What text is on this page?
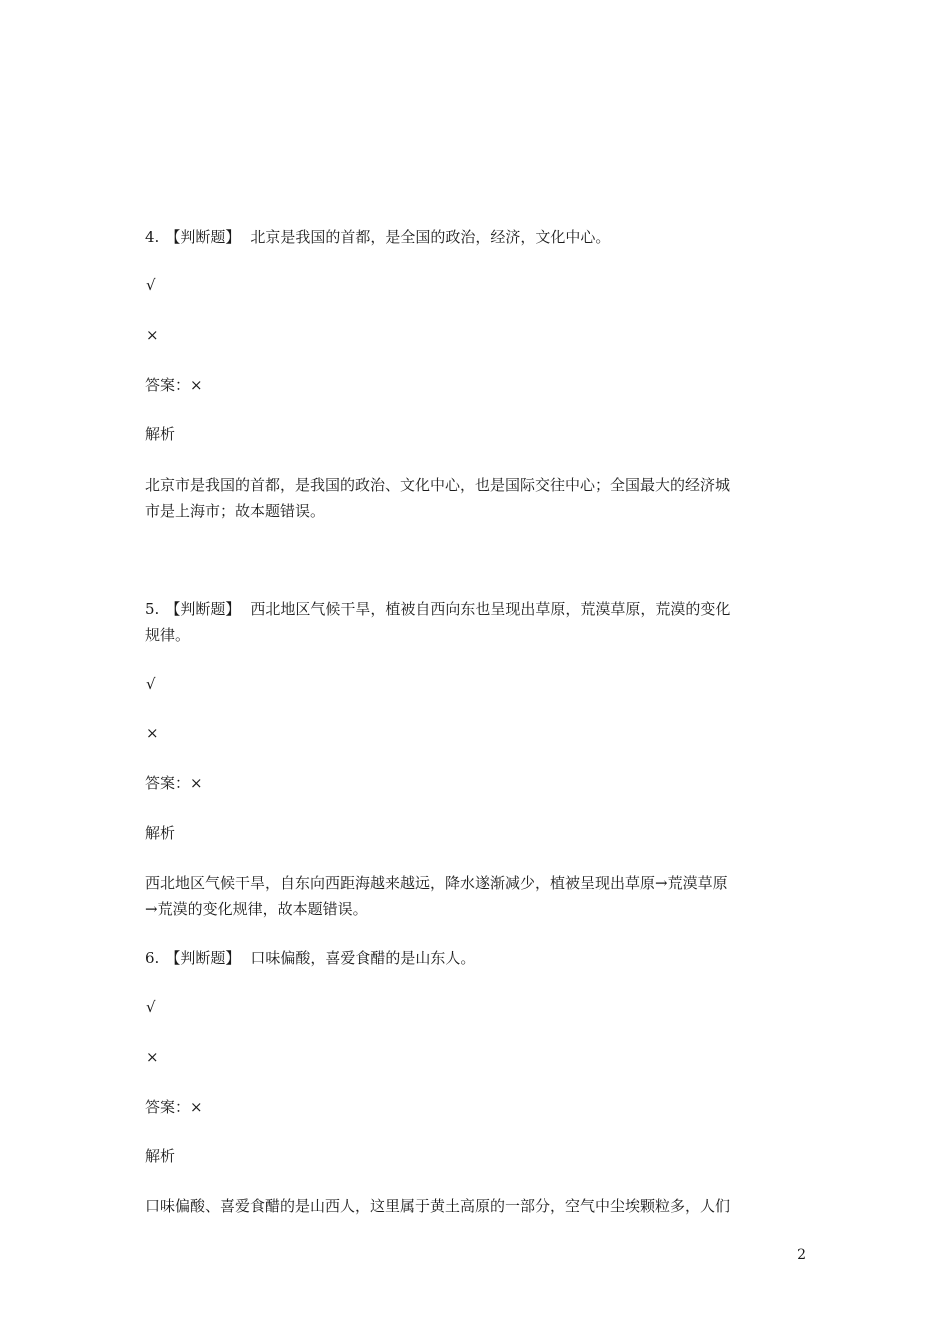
4. 【判断题】 北京是我国的首都，是全国的政治，经济，文化中心。
√
×
答案：×
解析
北京市是我国的首都，是我国的政治、文化中心，也是国际交往中心；全国最大的经济城
市是上海市；故本题错误。
5. 【判断题】 西北地区气候干旱，植被自西向东也呈现出草原，荒漠草原，荒漠的变化
规律。
√
×
答案：×
解析
西北地区气候干旱，自东向西距海越来越远，降水遂渐减少，植被呈现出草原→荒漠草原
→荒漠的变化规律，故本题错误。
6. 【判断题】 口味偏酸，喜爱食醋的是山东人。
√
×
答案：×
解析
口味偏酸、喜爱食醋的是山西人，这里属于黄土高原的一部分，空气中尘埃颗粒多，人们
2
